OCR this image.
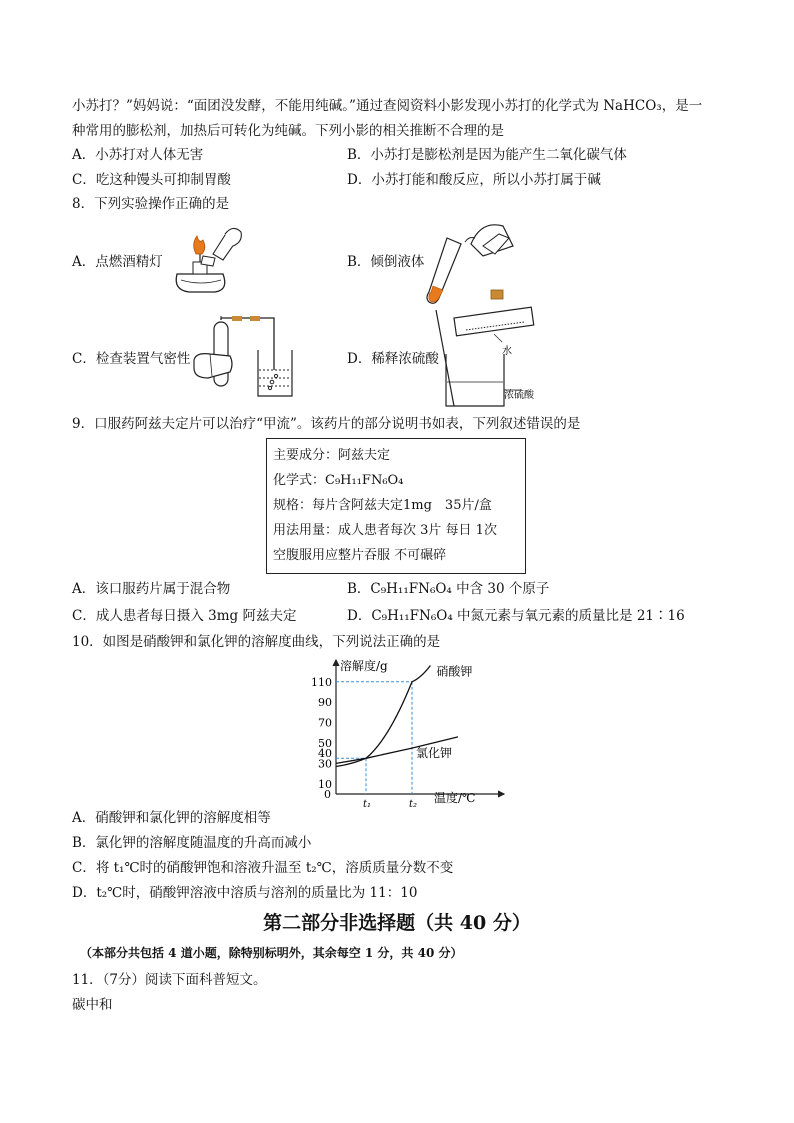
小苏打？”妈妈说：“面团没发酵，不能用纯碱。”通过查阅资料小影发现小苏打的化学式为 NaHCO₃，是一
种常用的膨松剂，加热后可转化为纯碱。下列小影的相关推断不合理的是
A．小苏打对人体无害	B．小苏打是膨松剂是因为能产生二氧化碳气体
C．吃这种馒头可抑制胃酸	D．小苏打能和酸反应，所以小苏打属于碱
8．下列实验操作正确的是
A．点燃酒精灯	B．倾倒液体
C．检查装置气密性	D．稀释浓硫酸	水
浓硫酸
9．口服药阿兹夫定片可以治疗“甲流”。该药片的部分说明书如表，下列叙述错误的是
主要成分：阿兹夫定
化学式：C₉H₁₁FN₆O₄
规格：每片含阿兹夫定1mg　35片/盒
用法用量：成人患者每次 3片 每日 1次
空腹服用应整片吞服 不可碾碎
A．该口服药片属于混合物	B．C₉H₁₁FN₆O₄ 中含 30 个原子
C．成人患者每日摄入 3mg 阿兹夫定	D．C₉H₁₁FN₆O₄ 中氮元素与氧元素的质量比是 21∶16
10．如图是硝酸钾和氯化钾的溶解度曲线，下列说法正确的是
溶解度/g
温度/℃
0
110
90
70
50
40
30
10
t₁	t₂
硝酸钾
氯化钾
A．硝酸钾和氯化钾的溶解度相等
B．氯化钾的溶解度随温度的升高而减小
C．将 t₁℃时的硝酸钾饱和溶液升温至 t₂℃，溶质质量分数不变
D．t₂℃时，硝酸钾溶液中溶质与溶剂的质量比为 11：10
第二部分非选择题（共 40 分）
（本部分共包括 4 道小题，除特别标明外，其余每空 1 分，共 40 分）
11．（7分）阅读下面科普短文。
碳中和
